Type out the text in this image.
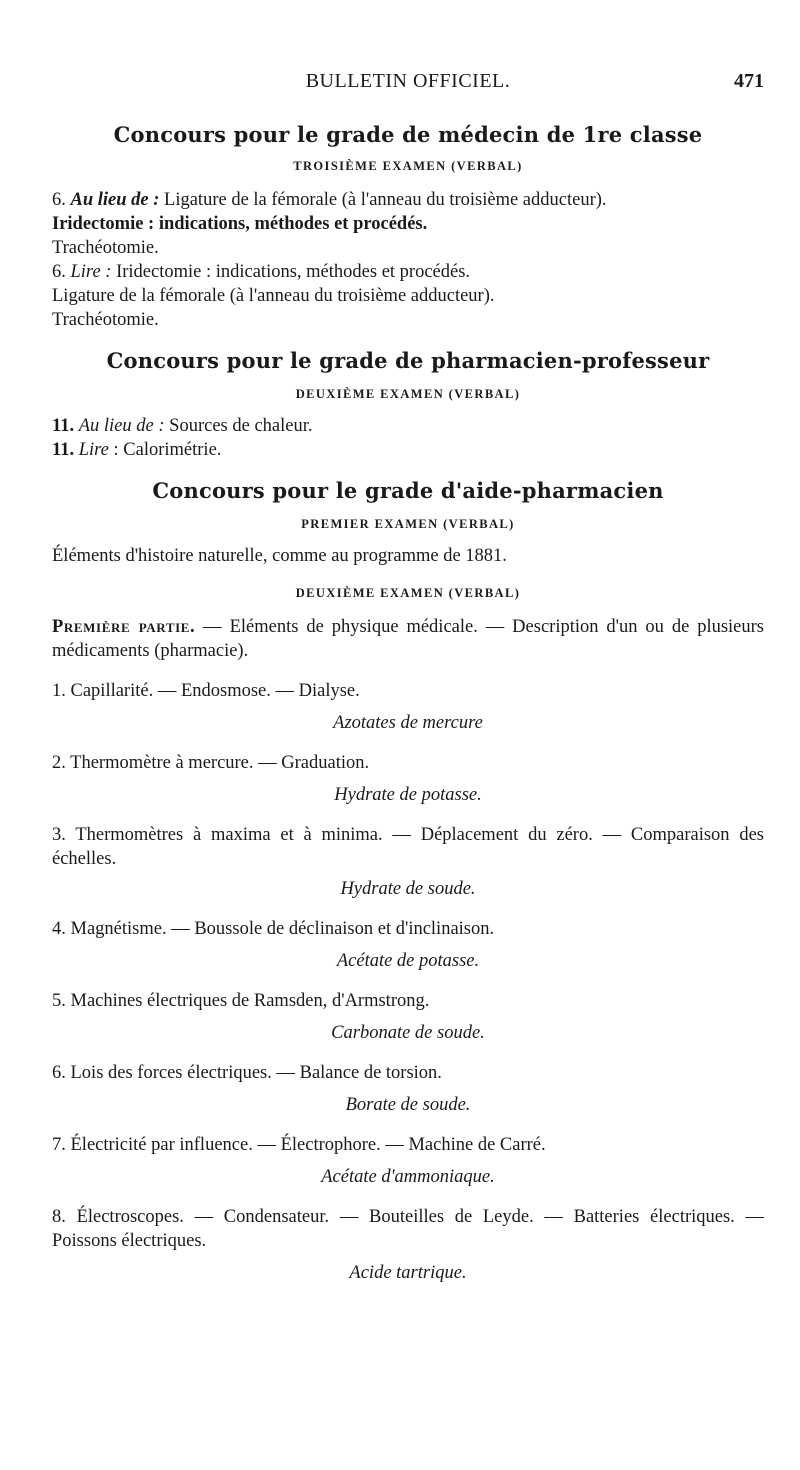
BULLETIN OFFICIEL.	471
Concours pour le grade de médecin de 1re classe
TROISIÈME EXAMEN (VERBAL)
6. Au lieu de : Ligature de la fémorale (à l'anneau du troisième adducteur).
Iridectomie : indications, méthodes et procédés.
Trachéotomie.
6. Lire : Iridectomie : indications, méthodes et procédés.
Ligature de la fémorale (à l'anneau du troisième adducteur).
Trachéotomie.
Concours pour le grade de pharmacien-professeur
DEUXIÈME EXAMEN (VERBAL)
11. Au lieu de : Sources de chaleur.
11. Lire : Calorimétrie.
Concours pour le grade d'aide-pharmacien
PREMIER EXAMEN (VERBAL)
Éléments d'histoire naturelle, comme au programme de 1881.
DEUXIÈME EXAMEN (VERBAL)
Première partie. — Eléments de physique médicale. — Description d'un ou de plusieurs médicaments (pharmacie).
1. Capillarité. — Endosmose. — Dialyse.
Azotates de mercure
2. Thermomètre à mercure. — Graduation.
Hydrate de potasse.
3. Thermomètres à maxima et à minima. — Déplacement du zéro. — Comparaison des échelles.
Hydrate de soude.
4. Magnétisme. — Boussole de déclinaison et d'inclinaison.
Acétate de potasse.
5. Machines électriques de Ramsden, d'Armstrong.
Carbonate de soude.
6. Lois des forces électriques. — Balance de torsion.
Borate de soude.
7. Électricité par influence. — Électrophore. — Machine de Carré.
Acétate d'ammoniaque.
8. Électroscopes. — Condensateur. — Bouteilles de Leyde. — Batteries électriques. — Poissons électriques.
Acide tartrique.
